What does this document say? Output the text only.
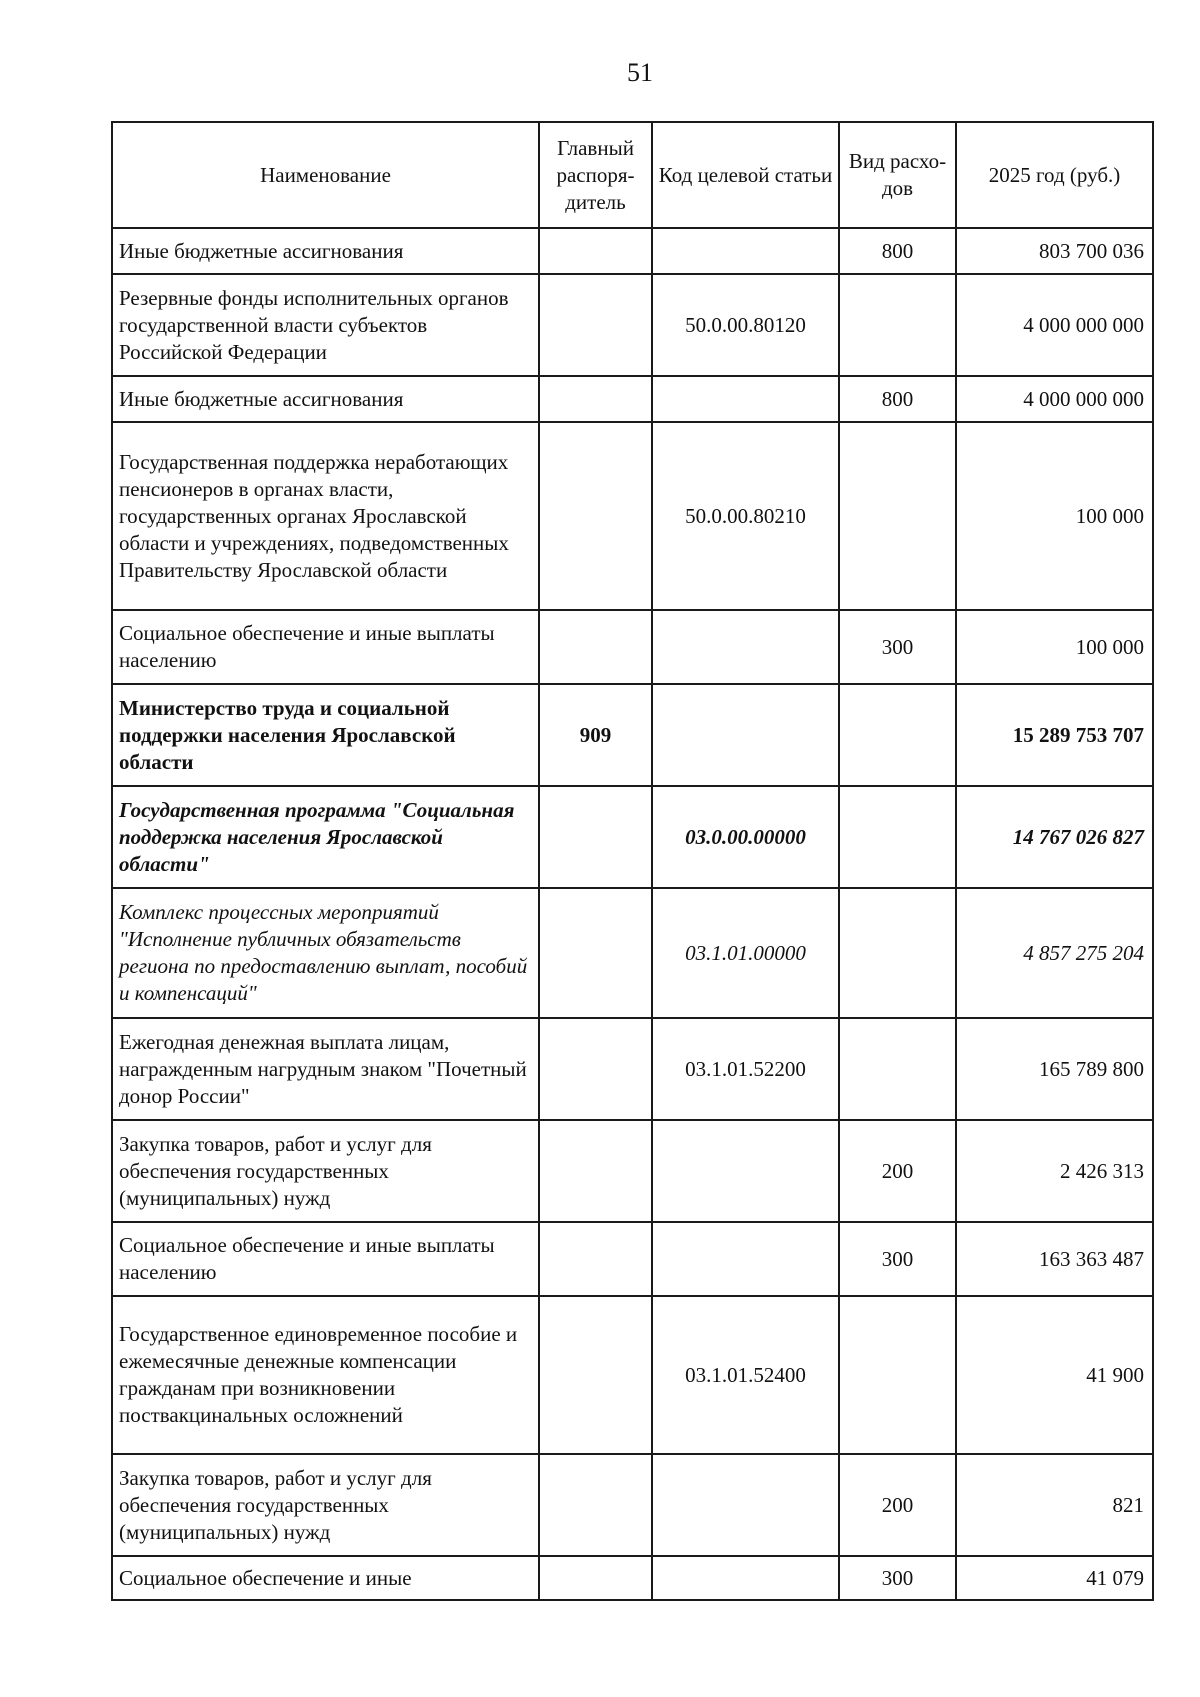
51
Наименование	Главный распоря-дитель	Код целевой статьи	Вид расхо-дов	2025 год (руб.)
Иные бюджетные ассигнования			800	803 700 036
Резервные фонды исполнительных органов государственной власти субъектов Российской Федерации		50.0.00.80120		4 000 000 000
Иные бюджетные ассигнования			800	4 000 000 000
Государственная поддержка неработающих пенсионеров в органах власти, государственных органах Ярославской области и учреждениях, подведомственных Правительству Ярославской области		50.0.00.80210		100 000
Социальное обеспечение и иные выплаты населению			300	100 000
Министерство труда и социальной поддержки населения Ярославской области	909			15 289 753 707
Государственная программа "Социальная поддержка населения Ярославской области"		03.0.00.00000		14 767 026 827
Комплекс процессных мероприятий "Исполнение публичных обязательств региона по предоставлению выплат, пособий и компенсаций"		03.1.01.00000		4 857 275 204
Ежегодная денежная выплата лицам, награжденным нагрудным знаком "Почетный донор России"		03.1.01.52200		165 789 800
Закупка товаров, работ и услуг для обеспечения государственных (муниципальных) нужд			200	2 426 313
Социальное обеспечение и иные выплаты населению			300	163 363 487
Государственное единовременное пособие и ежемесячные денежные компенсации гражданам при возникновении поствакцинальных осложнений		03.1.01.52400		41 900
Закупка товаров, работ и услуг для обеспечения государственных (муниципальных) нужд			200	821
Социальное обеспечение и иные			300	41 079
